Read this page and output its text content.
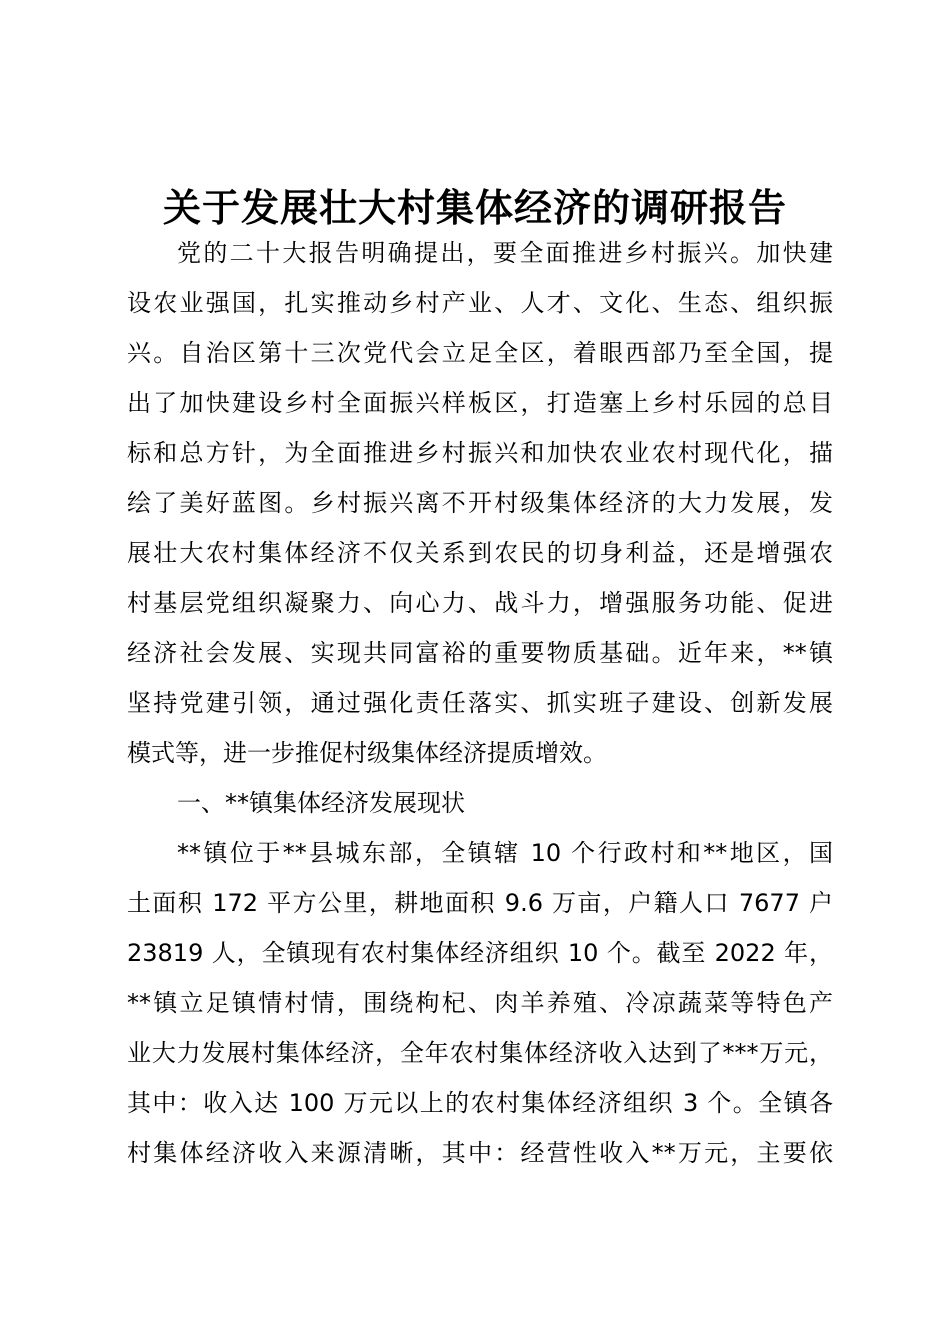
关于发展壮大村集体经济的调研报告
党的二十大报告明确提出，要全面推进乡村振兴。加快建
设农业强国，扎实推动乡村产业、人才、文化、生态、组织振
兴。自治区第十三次党代会立足全区，着眼西部乃至全国，提
出了加快建设乡村全面振兴样板区，打造塞上乡村乐园的总目
标和总方针，为全面推进乡村振兴和加快农业农村现代化，描
绘了美好蓝图。乡村振兴离不开村级集体经济的大力发展，发
展壮大农村集体经济不仅关系到农民的切身利益，还是增强农
村基层党组织凝聚力、向心力、战斗力，增强服务功能、促进
经济社会发展、实现共同富裕的重要物质基础。近年来，**镇
坚持党建引领，通过强化责任落实、抓实班子建设、创新发展
模式等，进一步推促村级集体经济提质增效。
一、**镇集体经济发展现状
**镇位于**县城东部，全镇辖 10 个行政村和**地区，国
土面积 172 平方公里，耕地面积 9.6 万亩，户籍人口 7677 户
23819 人，全镇现有农村集体经济组织 10 个。截至 2022 年，
**镇立足镇情村情，围绕枸杞、肉羊养殖、冷凉蔬菜等特色产
业大力发展村集体经济，全年农村集体经济收入达到了***万元，
其中：收入达 100 万元以上的农村集体经济组织 3 个。全镇各
村集体经济收入来源清晰，其中：经营性收入**万元，主要依
